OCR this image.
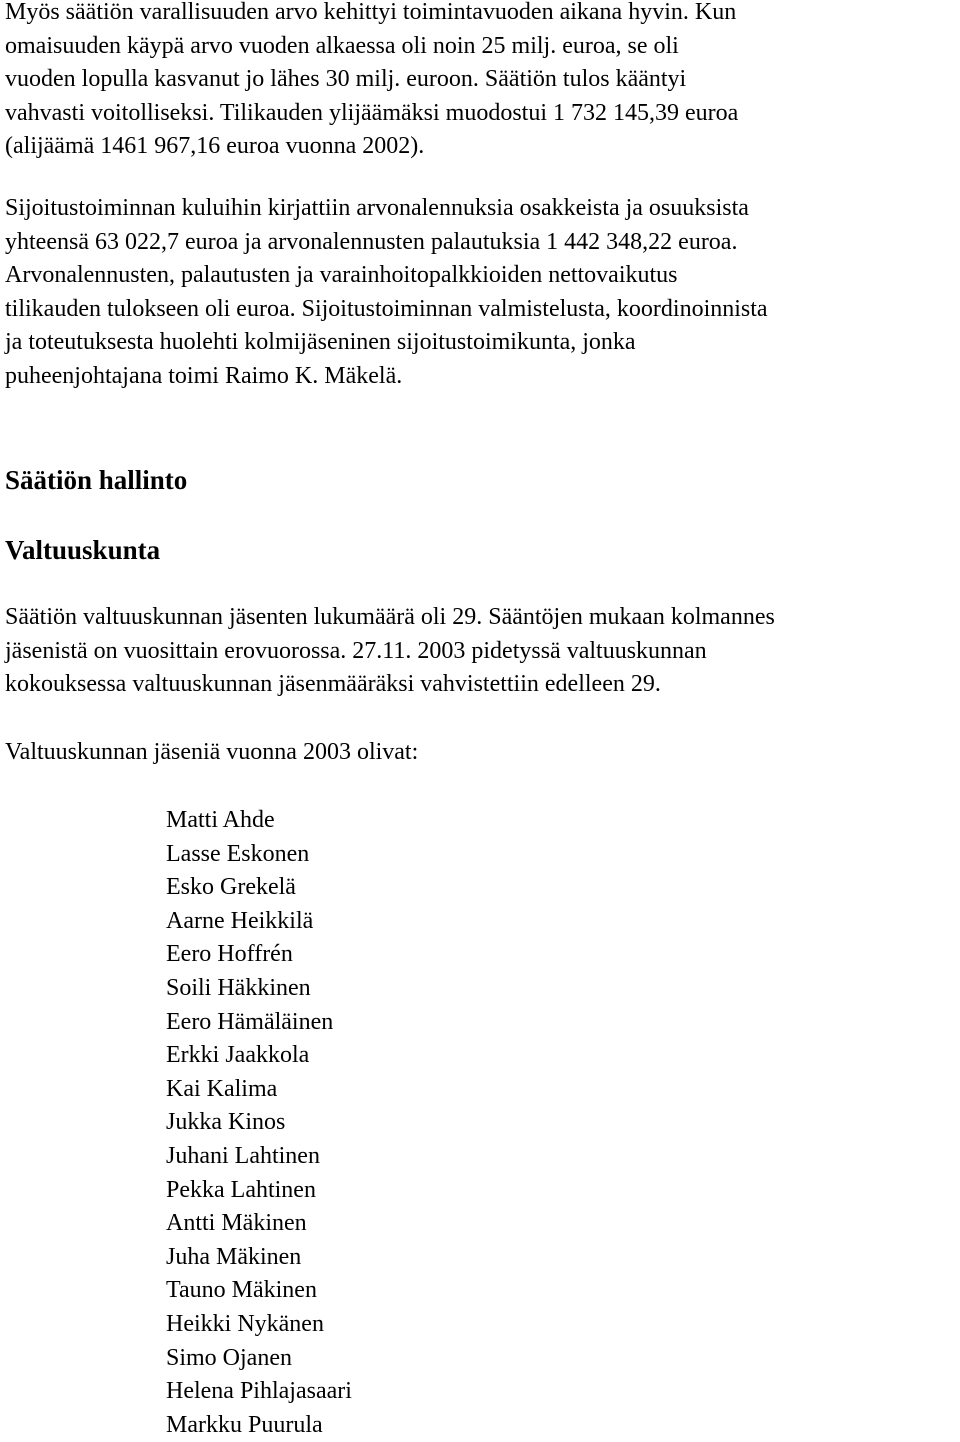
Myös säätiön varallisuuden arvo kehittyi toimintavuoden aikana hyvin. Kun
omaisuuden käypä arvo vuoden alkaessa oli noin 25 milj. euroa, se oli
vuoden lopulla kasvanut jo lähes 30 milj. euroon. Säätiön tulos kääntyi
vahvasti voitolliseksi. Tilikauden ylijäämäksi muodostui 1 732 145,39 euroa
(alijäämä 1461 967,16 euroa vuonna 2002).

Sijoitustoiminnan kuluihin kirjattiin arvonalennuksia osakkeista ja osuuksista
yhteensä 63 022,7 euroa ja arvonalennusten palautuksia 1 442 348,22 euroa.
Arvonalennusten, palautusten ja varainhoitopalkkioiden nettovaikutus
tilikauden tulokseen oli euroa. Sijoitustoiminnan valmistelusta, koordinoinnista
ja toteutuksesta huolehti kolmijäseninen sijoitustoimikunta, jonka
puheenjohtajana toimi Raimo K. Mäkelä.

Säätiön hallinto
Valtuuskunta

Säätiön valtuuskunnan jäsenten lukumäärä oli 29. Sääntöjen mukaan kolmannes
jäsenistä on vuosittain erovuorossa. 27.11. 2003 pidetyssä valtuuskunnan
kokouksessa valtuuskunnan jäsenmääräksi vahvistettiin edelleen 29.

Valtuuskunnan jäseniä vuonna 2003 olivat:

Matti Ahde
Lasse Eskonen
Esko Grekelä
Aarne Heikkilä
Eero Hoffrén
Soili Häkkinen
Eero Hämäläinen
Erkki Jaakkola
Kai Kalima
Jukka Kinos
Juhani Lahtinen
Pekka Lahtinen
Antti Mäkinen
Juha Mäkinen
Tauno Mäkinen
Heikki Nykänen
Simo Ojanen
Helena Pihlajasaari
Markku Puurula
